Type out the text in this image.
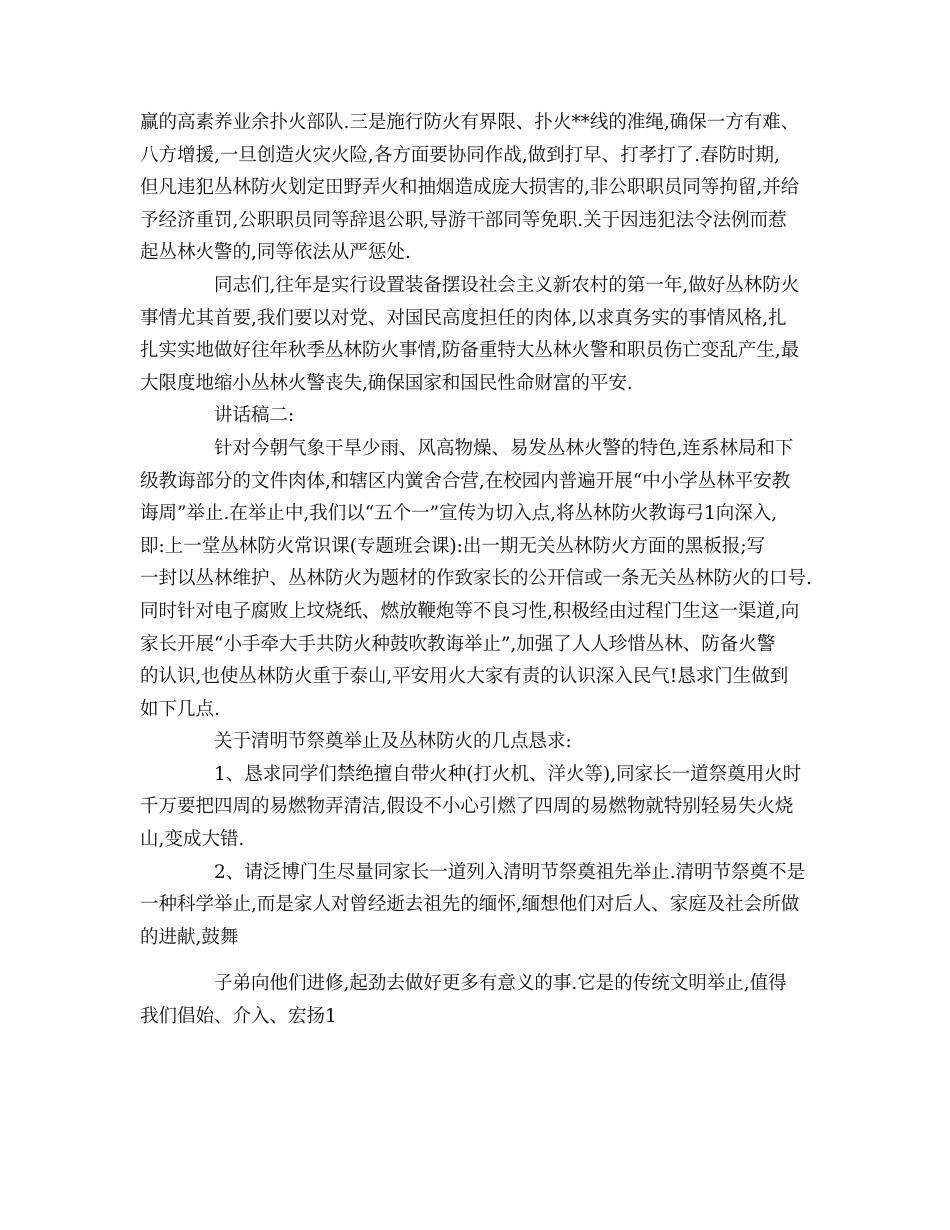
赢的高素养业余扑火部队.三是施行防火有界限、扑火**线的准绳,确保一方有难、
八方增援,一旦创造火灾火险,各方面要协同作战,做到打早、打孝打了.春防时期,
但凡违犯丛林防火划定田野弄火和抽烟造成庞大损害的,非公职职员同等拘留,并给
予经济重罚,公职职员同等辞退公职,导游干部同等免职.关于因违犯法令法例而惹
起丛林火警的,同等依法从严惩处.
同志们,往年是实行设置装备摆设社会主义新农村的第一年,做好丛林防火
事情尤其首要,我们要以对党、对国民高度担任的肉体,以求真务实的事情风格,扎
扎实实地做好往年秋季丛林防火事情,防备重特大丛林火警和职员伤亡变乱产生,最
大限度地缩小丛林火警丧失,确保国家和国民性命财富的平安.
讲话稿二:
针对今朝气象干旱少雨、风高物燥、易发丛林火警的特色,连系林局和下
级教诲部分的文件肉体,和辖区内黉舍合营,在校园内普遍开展“中小学丛林平安教
诲周”举止.在举止中,我们以“五个一”宣传为切入点,将丛林防火教诲弓1向深入,
即:上一堂丛林防火常识课(专题班会课):出一期无关丛林防火方面的黑板报;写
一封以丛林维护、丛林防火为题材的作致家长的公开信或一条无关丛林防火的口号.
同时针对电子腐败上坟烧纸、燃放鞭炮等不良习性,积极经由过程门生这一渠道,向
家长开展“小手牵大手共防火种鼓吹教诲举止”,加强了人人珍惜丛林、防备火警
的认识,也使丛林防火重于泰山,平安用火大家有责的认识深入民气!恳求门生做到
如下几点.
关于清明节祭奠举止及丛林防火的几点恳求:
1、恳求同学们禁绝擅自带火种(打火机、洋火等),同家长一道祭奠用火时
千万要把四周的易燃物弄清洁,假设不小心引燃了四周的易燃物就特别轻易失火烧
山,变成大错.
2、请泛博门生尽量同家长一道列入清明节祭奠祖先举止.清明节祭奠不是
一种科学举止,而是家人对曾经逝去祖先的缅怀,缅想他们对后人、家庭及社会所做
的进献,鼓舞
子弟向他们进修,起劲去做好更多有意义的事.它是的传统文明举止,值得
我们倡始、介入、宏扬1
